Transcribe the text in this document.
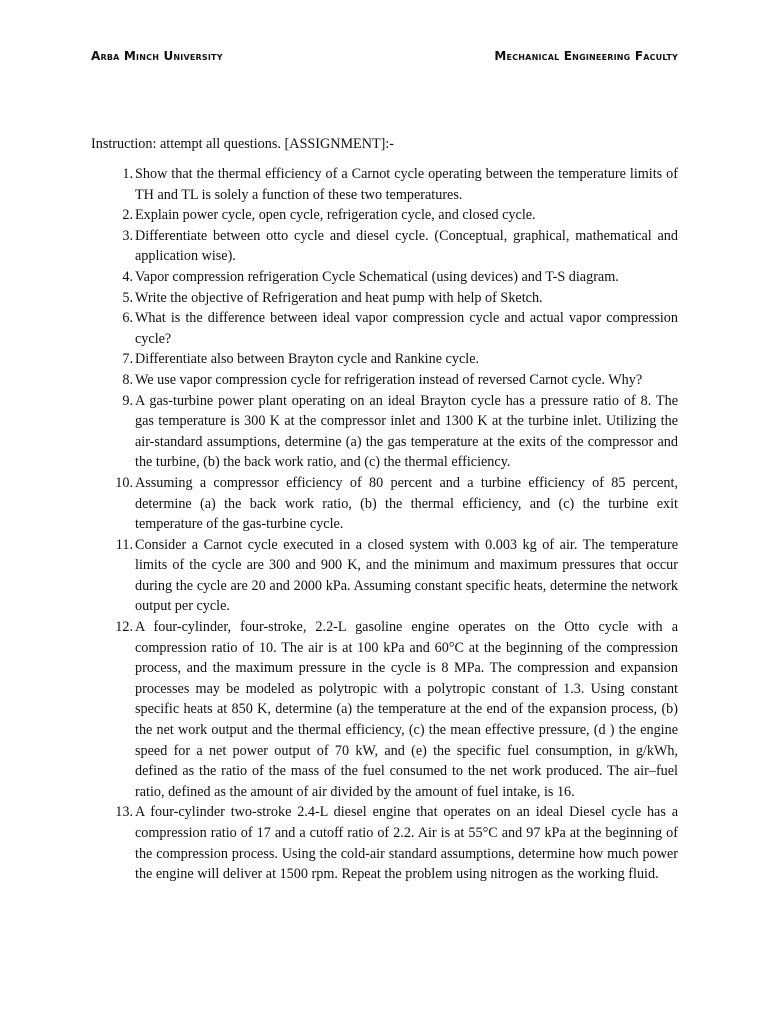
Arba Minch University	Mechanical Engineering Faculty
Instruction: attempt all questions. [ASSIGNMENT]:-
1. Show that the thermal efficiency of a Carnot cycle operating between the temperature limits of TH and TL is solely a function of these two temperatures.
2. Explain power cycle, open cycle, refrigeration cycle, and closed cycle.
3. Differentiate between otto cycle and diesel cycle. (Conceptual, graphical, mathematical and application wise).
4. Vapor compression refrigeration Cycle Schematical (using devices) and T-S diagram.
5. Write the objective of Refrigeration and heat pump with help of Sketch.
6. What is the difference between ideal vapor compression cycle and actual vapor compression cycle?
7. Differentiate also between Brayton cycle and Rankine cycle.
8. We use vapor compression cycle for refrigeration instead of reversed Carnot cycle. Why?
9. A gas-turbine power plant operating on an ideal Brayton cycle has a pressure ratio of 8. The gas temperature is 300 K at the compressor inlet and 1300 K at the turbine inlet. Utilizing the air-standard assumptions, determine (a) the gas temperature at the exits of the compressor and the turbine, (b) the back work ratio, and (c) the thermal efficiency.
10. Assuming a compressor efficiency of 80 percent and a turbine efficiency of 85 percent, determine (a) the back work ratio, (b) the thermal efficiency, and (c) the turbine exit temperature of the gas-turbine cycle.
11. Consider a Carnot cycle executed in a closed system with 0.003 kg of air. The temperature limits of the cycle are 300 and 900 K, and the minimum and maximum pressures that occur during the cycle are 20 and 2000 kPa. Assuming constant specific heats, determine the network output per cycle.
12. A four-cylinder, four-stroke, 2.2-L gasoline engine operates on the Otto cycle with a compression ratio of 10. The air is at 100 kPa and 60°C at the beginning of the compression process, and the maximum pressure in the cycle is 8 MPa. The compression and expansion processes may be modeled as polytropic with a polytropic constant of 1.3. Using constant specific heats at 850 K, determine (a) the temperature at the end of the expansion process, (b) the net work output and the thermal efficiency, (c) the mean effective pressure, (d ) the engine speed for a net power output of 70 kW, and (e) the specific fuel consumption, in g/kWh, defined as the ratio of the mass of the fuel consumed to the net work produced. The air–fuel ratio, defined as the amount of air divided by the amount of fuel intake, is 16.
13. A four-cylinder two-stroke 2.4-L diesel engine that operates on an ideal Diesel cycle has a compression ratio of 17 and a cutoff ratio of 2.2. Air is at 55°C and 97 kPa at the beginning of the compression process. Using the cold-air standard assumptions, determine how much power the engine will deliver at 1500 rpm. Repeat the problem using nitrogen as the working fluid.
